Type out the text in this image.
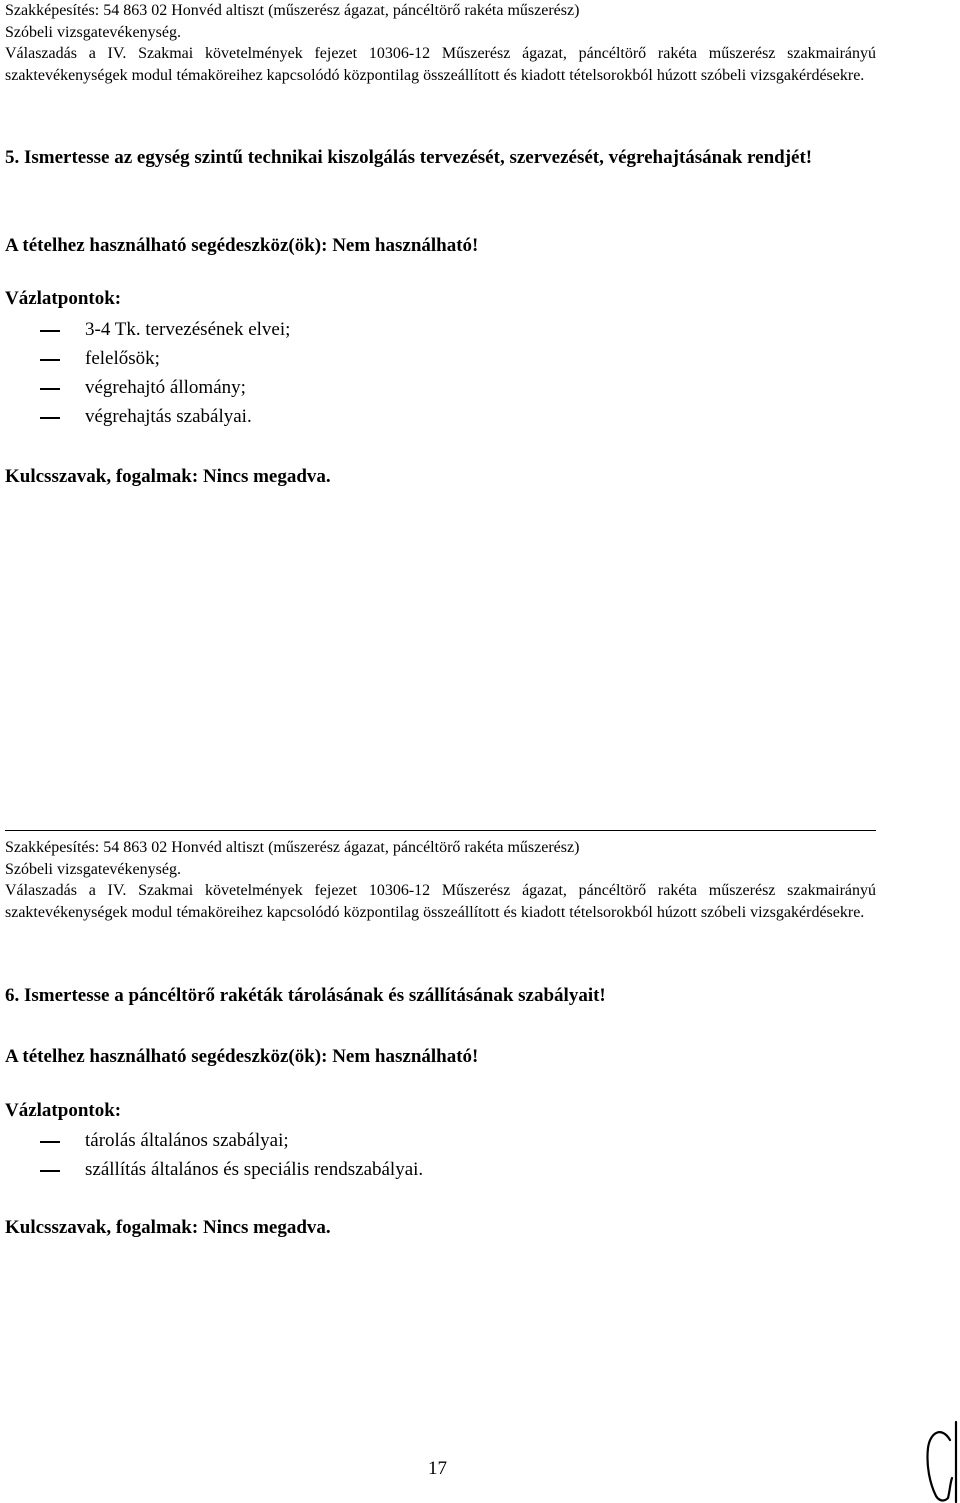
Szakképesítés: 54 863 02 Honvéd altiszt (műszerész ágazat, páncéltörő rakéta műszerész)
Szóbeli vizsgatevékenység.
Válaszadás a IV. Szakmai követelmények fejezet 10306-12 Műszerész ágazat, páncéltörő rakéta műszerész szakmairányú szaktevékenységek modul témaköreihez kapcsolódó központilag összeállított és kiadott tételsorokból húzott szóbeli vizsgakérdésekre.
5. Ismertesse az egység szintű technikai kiszolgálás tervezését, szervezését, végrehajtásának rendjét!
A tételhez használható segédeszköz(ök): Nem használható!
Vázlatpontok:
3-4 Tk. tervezésének elvei;
felelősök;
végrehajtó állomány;
végrehajtás szabályai.
Kulcsszavak, fogalmak: Nincs megadva.
Szakképesítés: 54 863 02 Honvéd altiszt (műszerész ágazat, páncéltörő rakéta műszerész)
Szóbeli vizsgatevékenység.
Válaszadás a IV. Szakmai követelmények fejezet 10306-12 Műszerész ágazat, páncéltörő rakéta műszerész szakmairányú szaktevékenységek modul témaköreihez kapcsolódó központilag összeállított és kiadott tételsorokból húzott szóbeli vizsgakérdésekre.
6. Ismertesse a páncéltörő rakéták tárolásának és szállításának szabályait!
A tételhez használható segédeszköz(ök): Nem használható!
Vázlatpontok:
tárolás általános szabályai;
szállítás általános és speciális rendszabályai.
Kulcsszavak, fogalmak: Nincs megadva.
17
